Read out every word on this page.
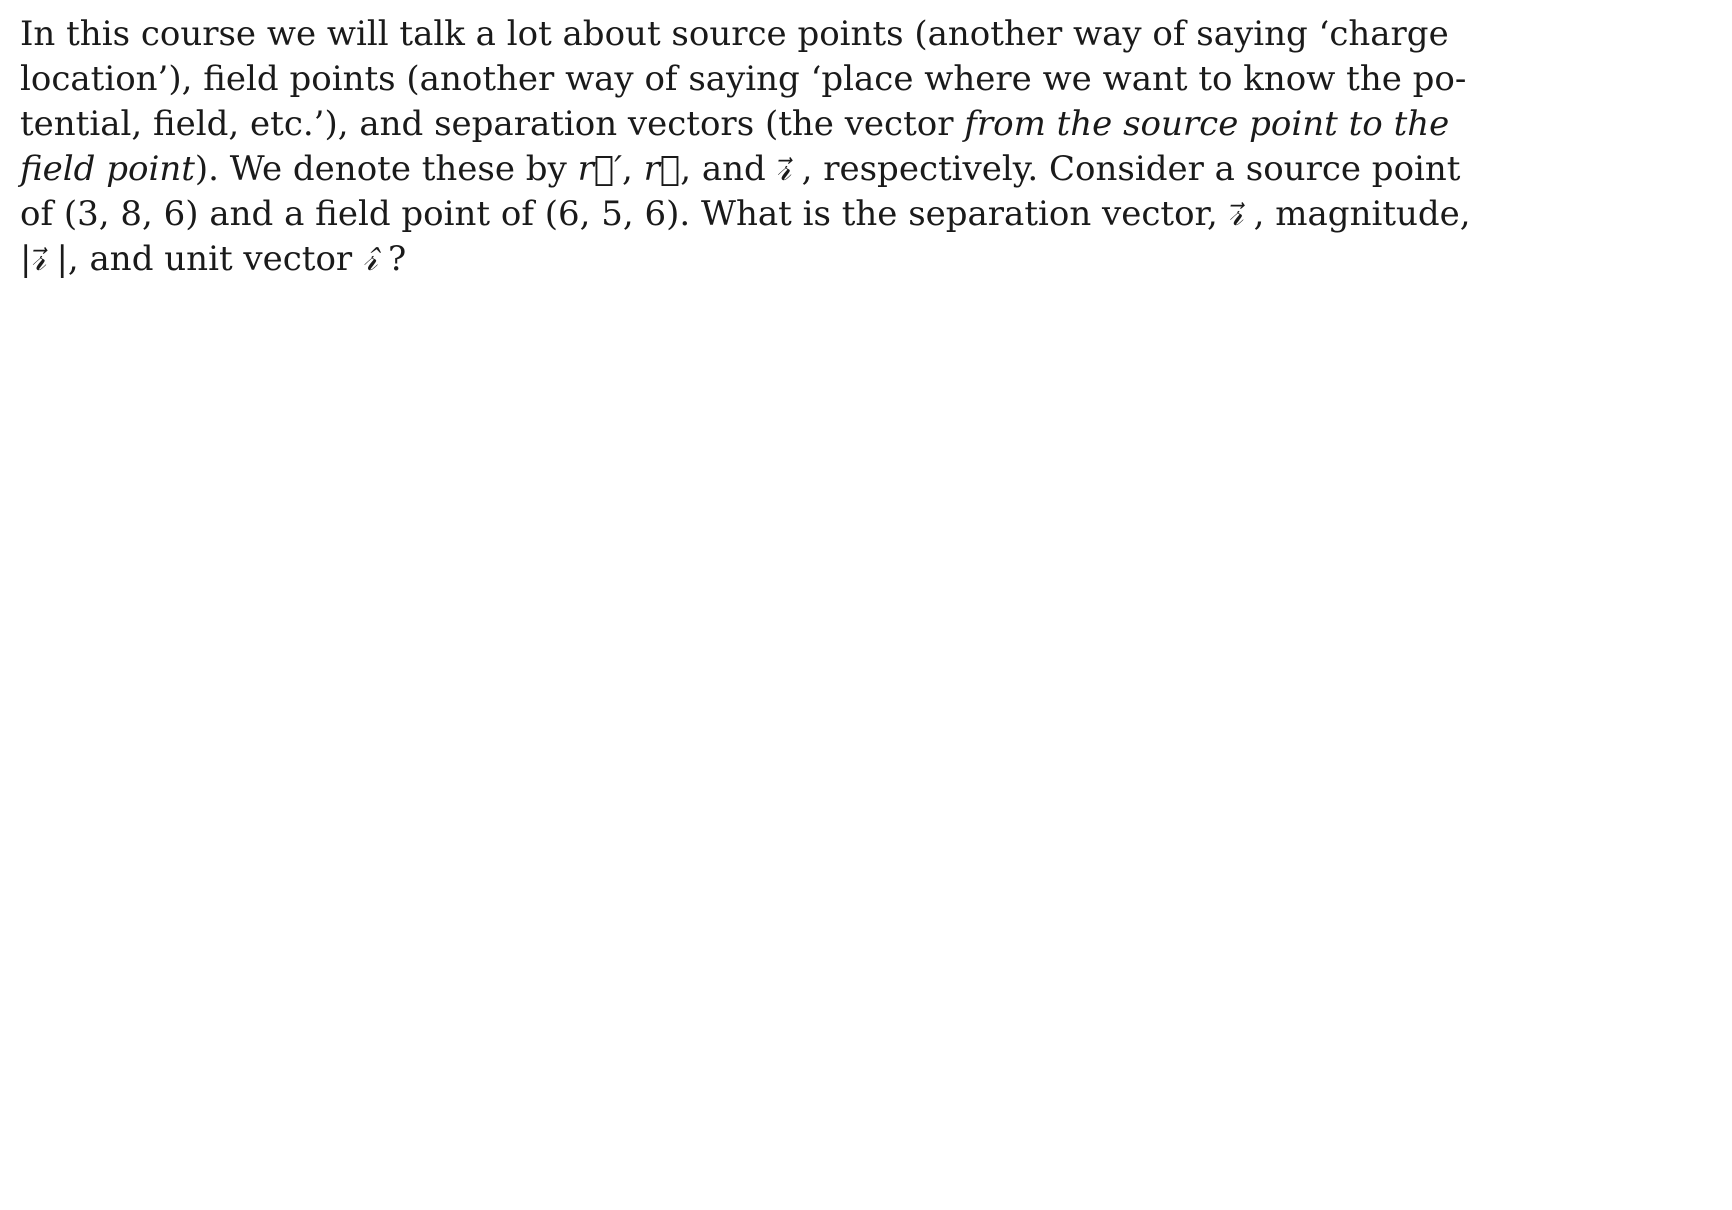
In this course we will talk a lot about source points (another way of saying ‘charge
location’), field points (another way of saying ‘place where we want to know the po-
tential, field, etc.’), and separation vectors (the vector from the source point to the
field point). We denote these by r⃗′, r⃗, and 𝓇⃗ , respectively. Consider a source point
of (3, 8, 6) and a field point of (6, 5, 6). What is the separation vector, 𝓇⃗ , magnitude,
|𝓇⃗ |, and unit vector 𝓇̂ ?
